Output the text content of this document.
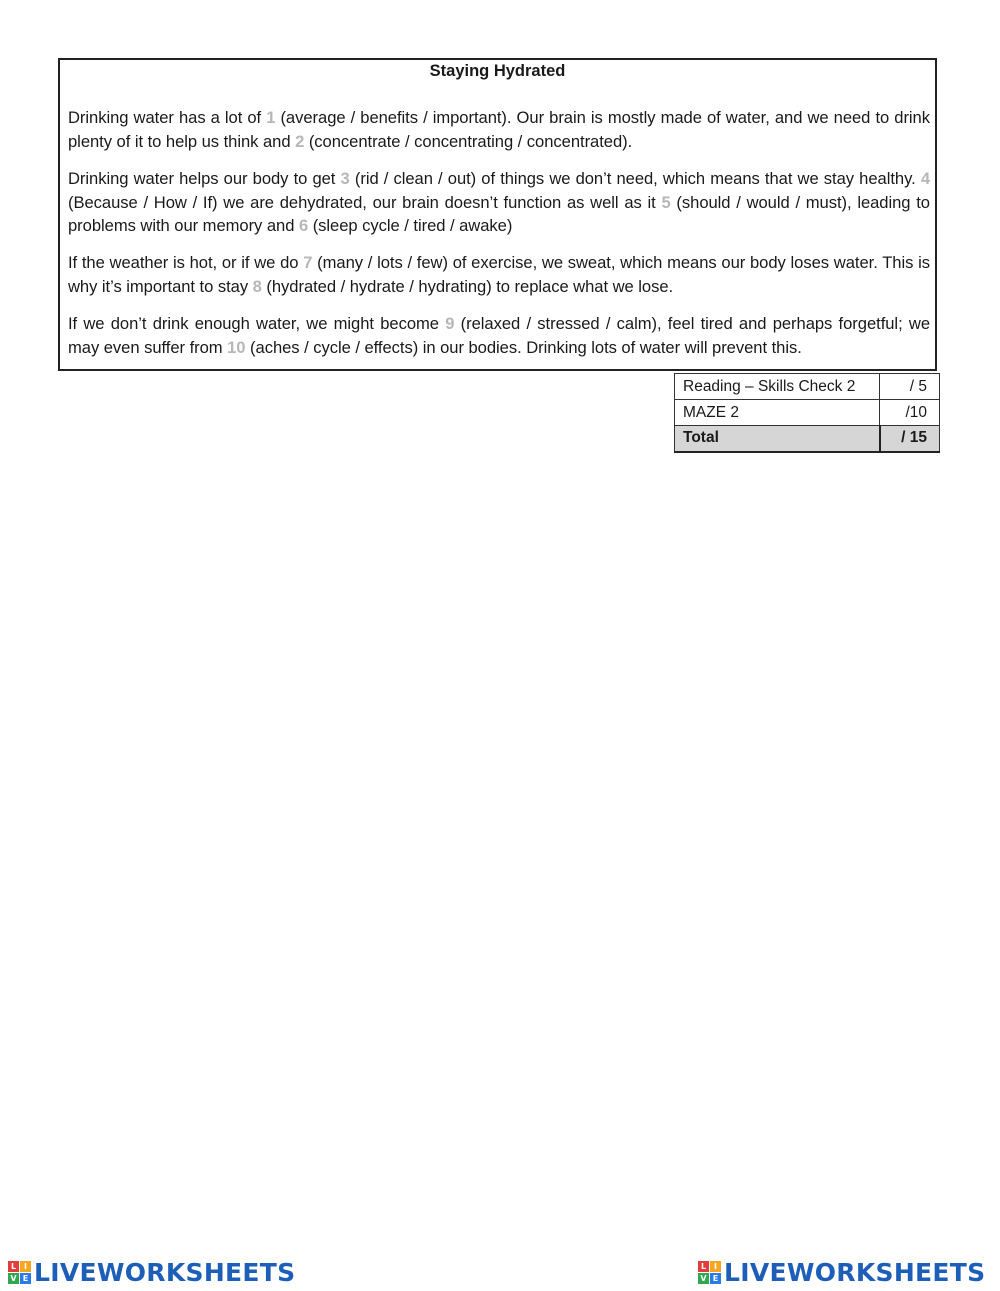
Staying Hydrated

Drinking water has a lot of 1 (average / benefits / important). Our brain is mostly made of water, and we need to drink plenty of it to help us think and 2 (concentrate / concentrating / concentrated).

Drinking water helps our body to get 3 (rid / clean / out) of things we don’t need, which means that we stay healthy. 4 (Because / How / If) we are dehydrated, our brain doesn’t function as well as it 5 (should / would / must), leading to problems with our memory and 6 (sleep cycle / tired / awake)

If the weather is hot, or if we do 7 (many / lots / few) of exercise, we sweat, which means our body loses water. This is why it’s important to stay 8 (hydrated / hydrate / hydrating) to replace what we lose.

If we don’t drink enough water, we might become 9 (relaxed / stressed / calm), feel tired and perhaps forgetful; we may even suffer from 10 (aches / cycle / effects) in our bodies. Drinking lots of water will prevent this.

Reading – Skills Check 2	/ 5
MAZE 2	/10
Total	/ 15
L I
V E LIVEWORKSHEETS	L I
V E LIVEWORKSHEETS
